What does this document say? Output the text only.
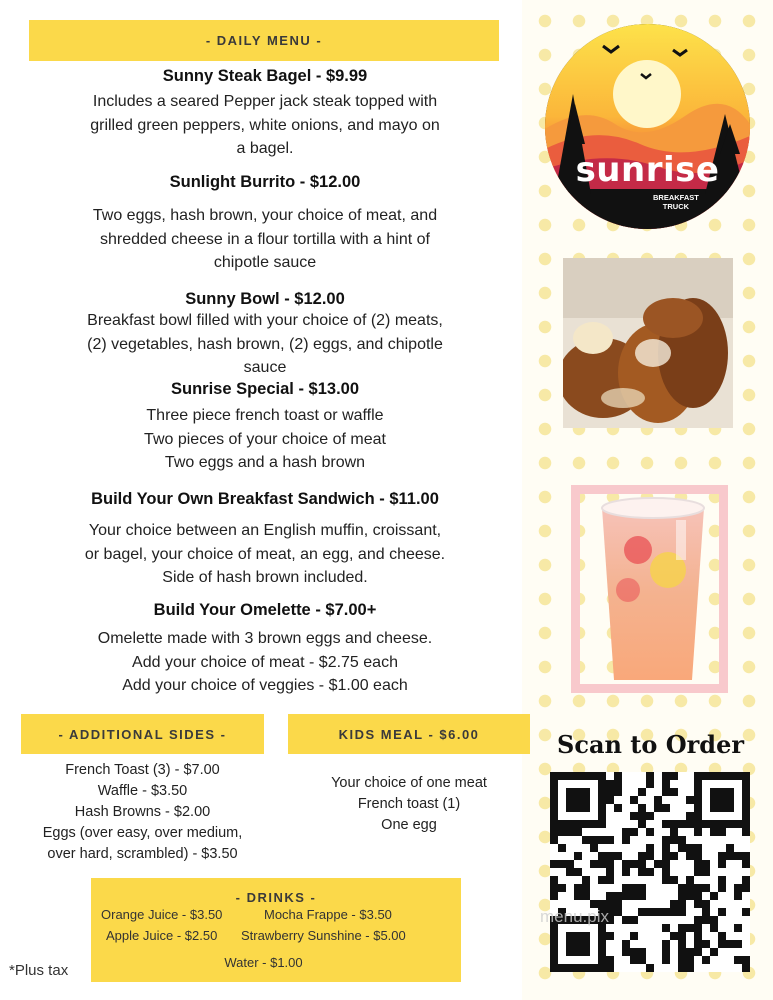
- DAILY MENU -
Sunny Steak Bagel - $9.99
Includes a seared Pepper jack steak topped with
grilled green peppers, white onions, and mayo on
a bagel.
Sunlight Burrito - $12.00
Two eggs, hash brown, your choice of meat, and
shredded cheese in a flour tortilla with a hint of
chipotle sauce
Sunny Bowl - $12.00
Breakfast bowl filled with your choice of (2) meats,
(2) vegetables, hash brown, (2) eggs, and chipotle
sauce
Sunrise Special - $13.00
Three piece french toast or waffle
Two pieces of your choice of meat
Two eggs and a hash brown
Build Your Own Breakfast Sandwich - $11.00
Your choice between an English muffin, croissant,
or bagel, your choice of meat, an egg, and cheese.
Side of hash brown included.
Build Your Omelette - $7.00+
Omelette made with 3 brown eggs and cheese.
Add your choice of meat - $2.75 each
Add your choice of veggies - $1.00 each
- ADDITIONAL SIDES -
French Toast (3) - $7.00
Waffle - $3.50
Hash Browns - $2.00
Eggs (over easy, over medium,
over hard, scrambled) - $3.50
KIDS MEAL - $6.00
Your choice of one meat
French toast (1)
One egg
- DRINKS -
Orange Juice - $3.50	Mocha Frappe - $3.50
Apple Juice - $2.50 Strawberry Sunshine - $5.00
Water - $1.00
*Plus tax
sunrise
BREAKFAST
TRUCK
Scan to Order
menu.pix
